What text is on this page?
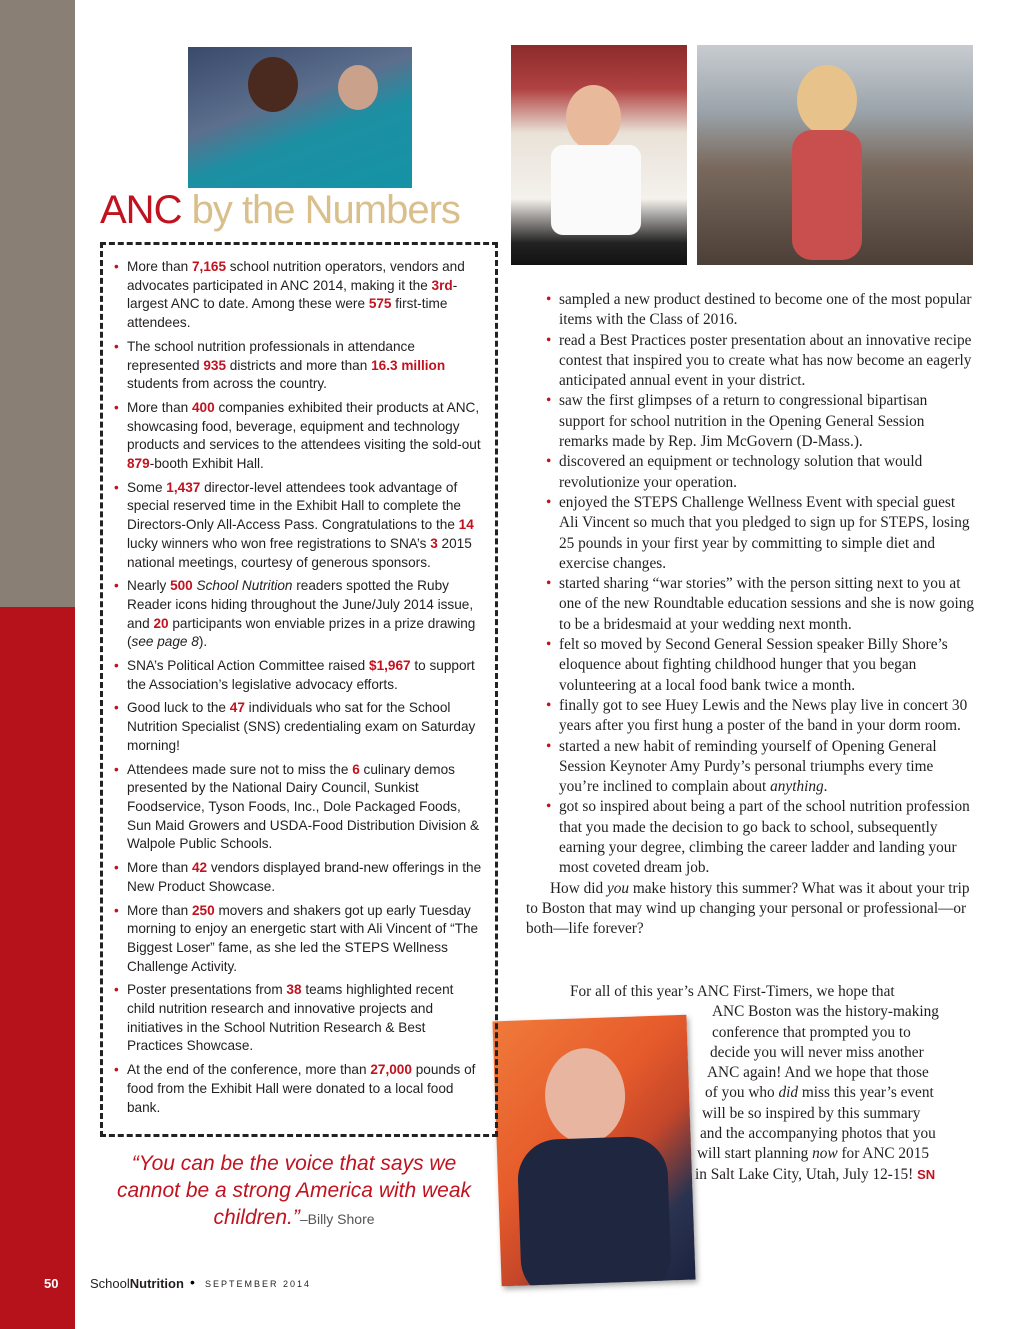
ANC by the Numbers
• More than 7,165 school nutrition operators, vendors and advocates participated in ANC 2014, making it the 3rd-largest ANC to date. Among these were 575 first-time attendees.
• The school nutrition professionals in attendance represented 935 districts and more than 16.3 million students from across the country.
• More than 400 companies exhibited their products at ANC, showcasing food, beverage, equipment and technology products and services to the attendees visiting the sold-out 879-booth Exhibit Hall.
• Some 1,437 director-level attendees took advantage of special reserved time in the Exhibit Hall to complete the Directors-Only All-Access Pass. Congratulations to the 14 lucky winners who won free registrations to SNA’s 3 2015 national meetings, courtesy of generous sponsors.
• Nearly 500 School Nutrition readers spotted the Ruby Reader icons hiding throughout the June/July 2014 issue, and 20 participants won enviable prizes in a prize drawing (see page 8).
• SNA’s Political Action Committee raised $1,967 to support the Association’s legislative advocacy efforts.
• Good luck to the 47 individuals who sat for the School Nutrition Specialist (SNS) credentialing exam on Saturday morning!
• Attendees made sure not to miss the 6 culinary demos presented by the National Dairy Council, Sunkist Foodservice, Tyson Foods, Inc., Dole Packaged Foods, Sun Maid Growers and USDA-Food Distribution Division & Walpole Public Schools.
• More than 42 vendors displayed brand-new offerings in the New Product Showcase.
• More than 250 movers and shakers got up early Tuesday morning to enjoy an energetic start with Ali Vincent of “The Biggest Loser” fame, as she led the STEPS Wellness Challenge Activity.
• Poster presentations from 38 teams highlighted recent child nutrition research and innovative projects and initiatives in the School Nutrition Research & Best Practices Showcase.
• At the end of the conference, more than 27,000 pounds of food from the Exhibit Hall were donated to a local food bank.
“You can be the voice that says we cannot be a strong America with weak children.”–Billy Shore
• sampled a new product destined to become one of the most popular items with the Class of 2016.
• read a Best Practices poster presentation about an innovative recipe contest that inspired you to create what has now become an eagerly anticipated annual event in your district.
• saw the first glimpses of a return to congressional bipartisan support for school nutrition in the Opening General Session remarks made by Rep. Jim McGovern (D-Mass.).
• discovered an equipment or technology solution that would revolutionize your operation.
• enjoyed the STEPS Challenge Wellness Event with special guest Ali Vincent so much that you pledged to sign up for STEPS, losing 25 pounds in your first year by committing to simple diet and exercise changes.
• started sharing “war stories” with the person sitting next to you at one of the new Roundtable education sessions and she is now going to be a bridesmaid at your wedding next month.
• felt so moved by Second General Session speaker Billy Shore’s eloquence about fighting childhood hunger that you began volunteering at a local food bank twice a month.
• finally got to see Huey Lewis and the News play live in concert 30 years after you first hung a poster of the band in your dorm room.
• started a new habit of reminding yourself of Opening General Session Keynoter Amy Purdy’s personal triumphs every time you’re inclined to complain about anything.
• got so inspired about being a part of the school nutrition profession that you made the decision to go back to school, subsequently earning your degree, climbing the career ladder and landing your most coveted dream job.

How did you make history this summer? What was it about your trip to Boston that may wind up changing your personal or professional—or both—life forever?

For all of this year’s ANC First-Timers, we hope that
ANC Boston was the history-making
conference that prompted you to
decide you will never miss another
ANC again! And we hope that those
of you who did miss this year’s event
will be so inspired by this summary
and the accompanying photos that you
will start planning now for ANC 2015
in Salt Lake City, Utah, July 12-15! SN
50 SchoolNutrition • SEPTEMBER 2014
